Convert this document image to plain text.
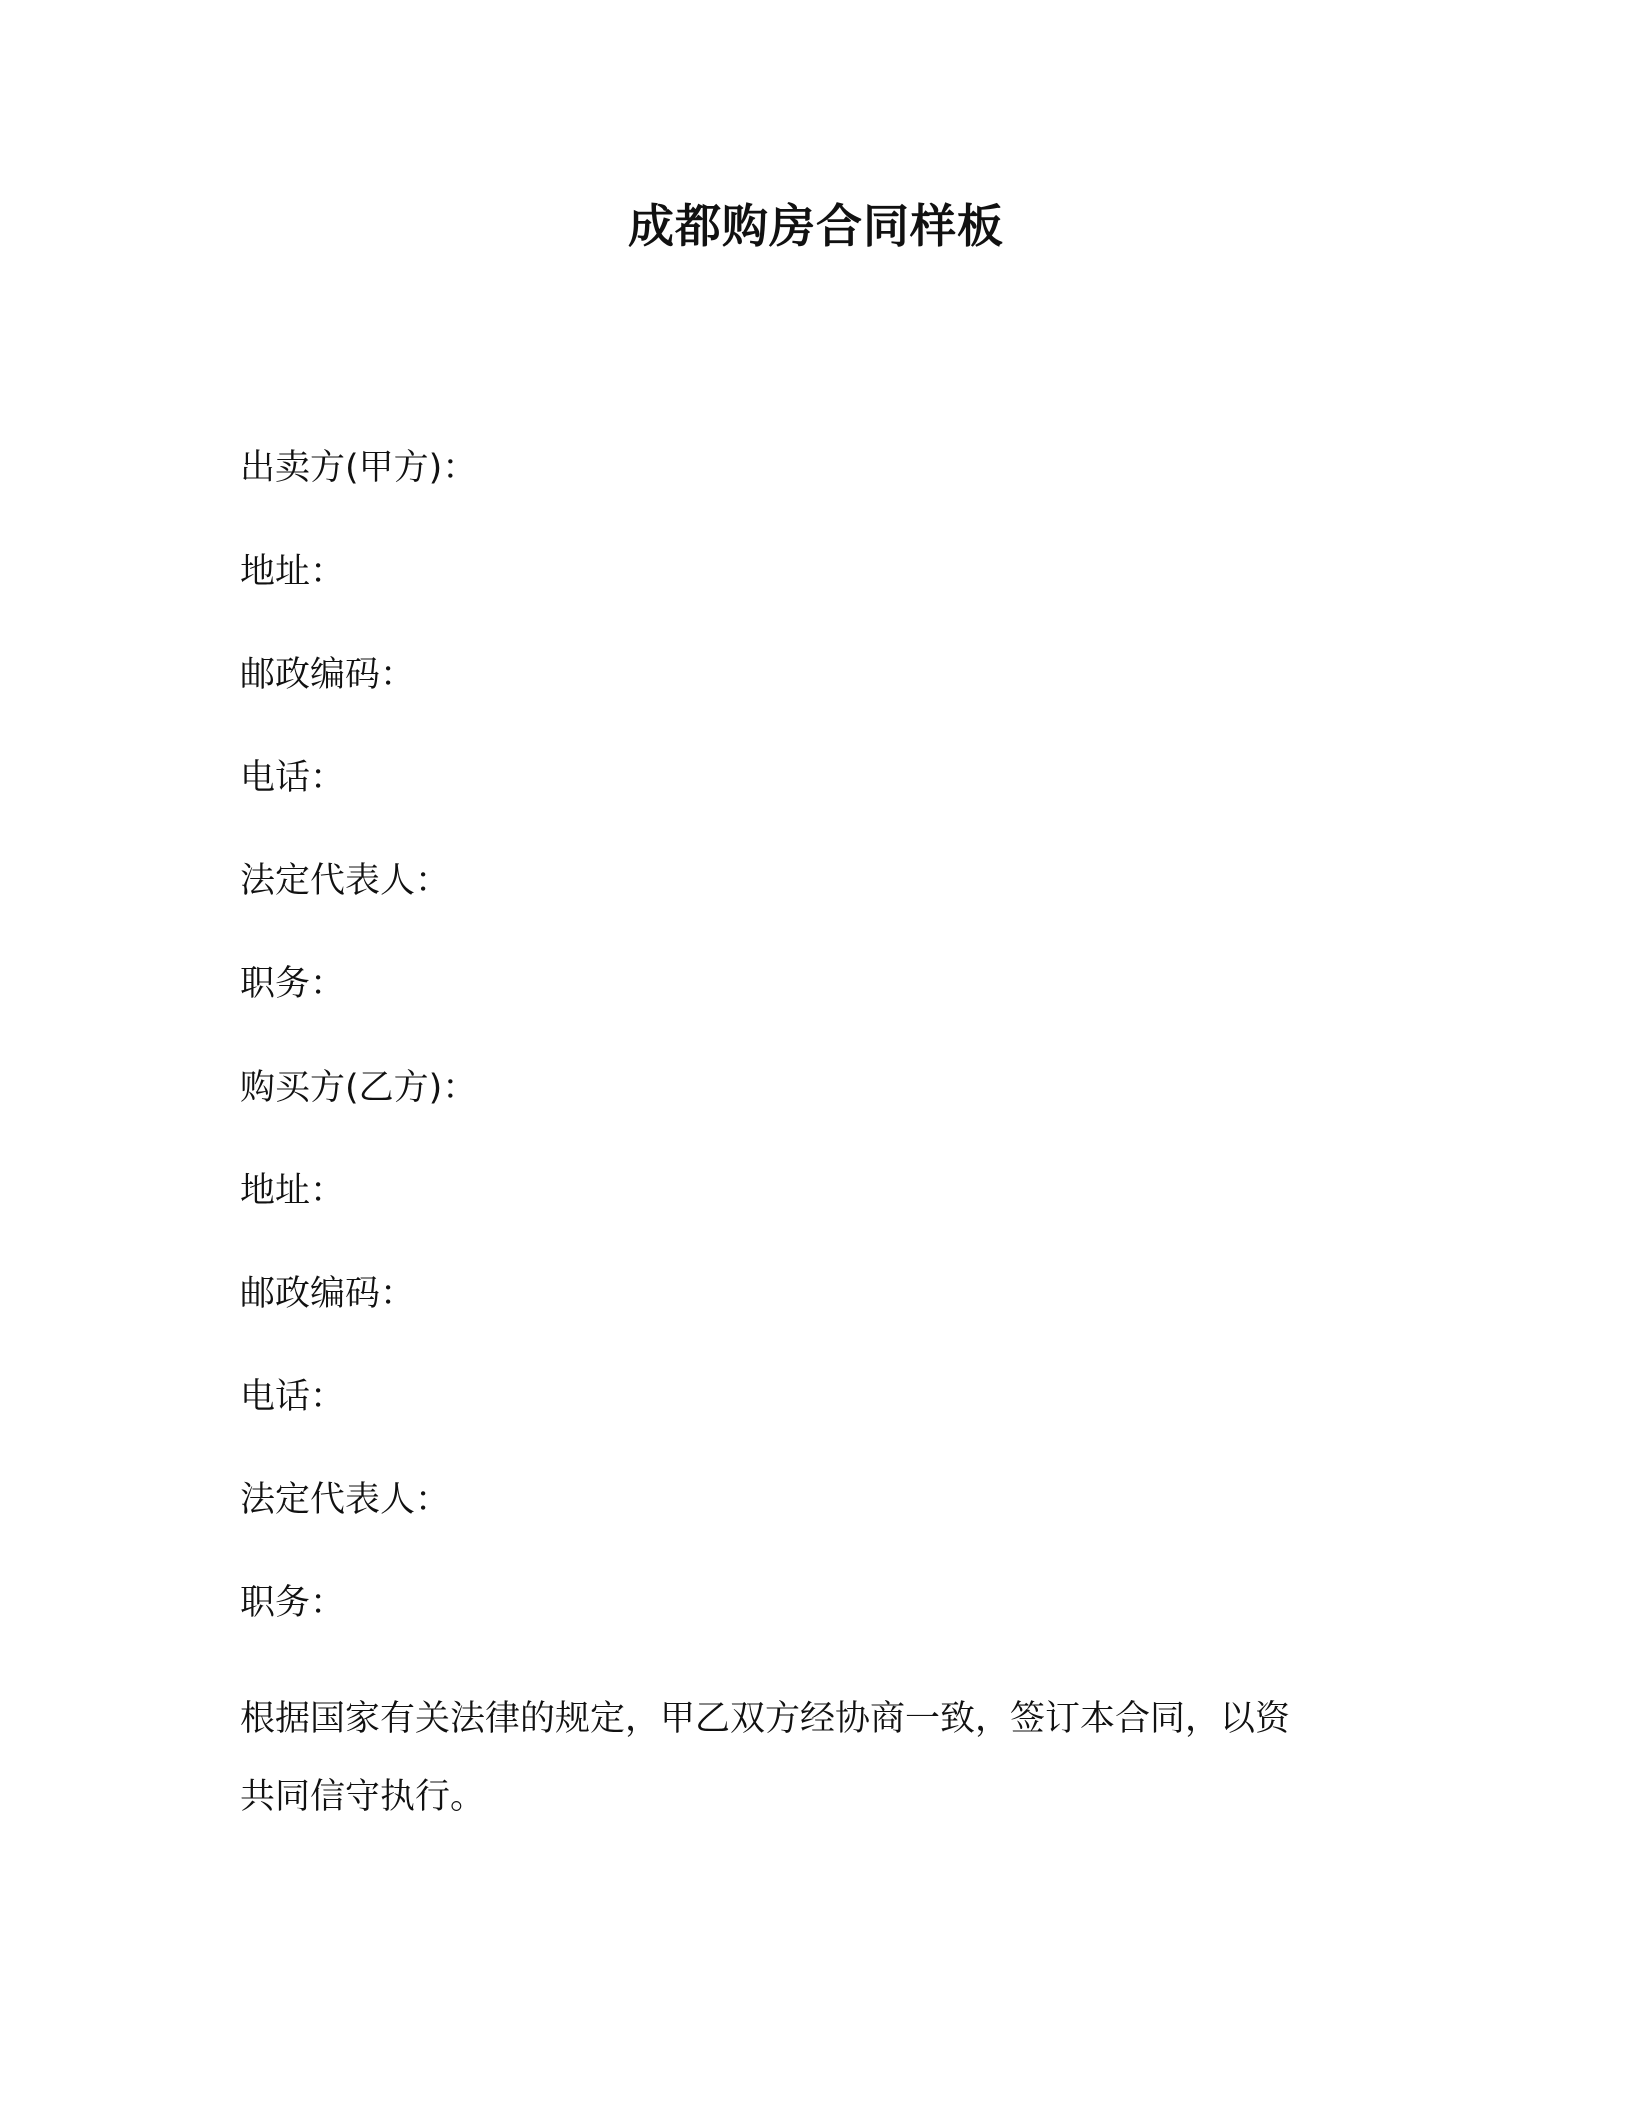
成都购房合同样板
出卖方(甲方)：
地址：
邮政编码：
电话：
法定代表人：
职务：
购买方(乙方)：
地址：
邮政编码：
电话：
法定代表人：
职务：
根据国家有关法律的规定，甲乙双方经协商一致，签订本合同，以资
共同信守执行。
